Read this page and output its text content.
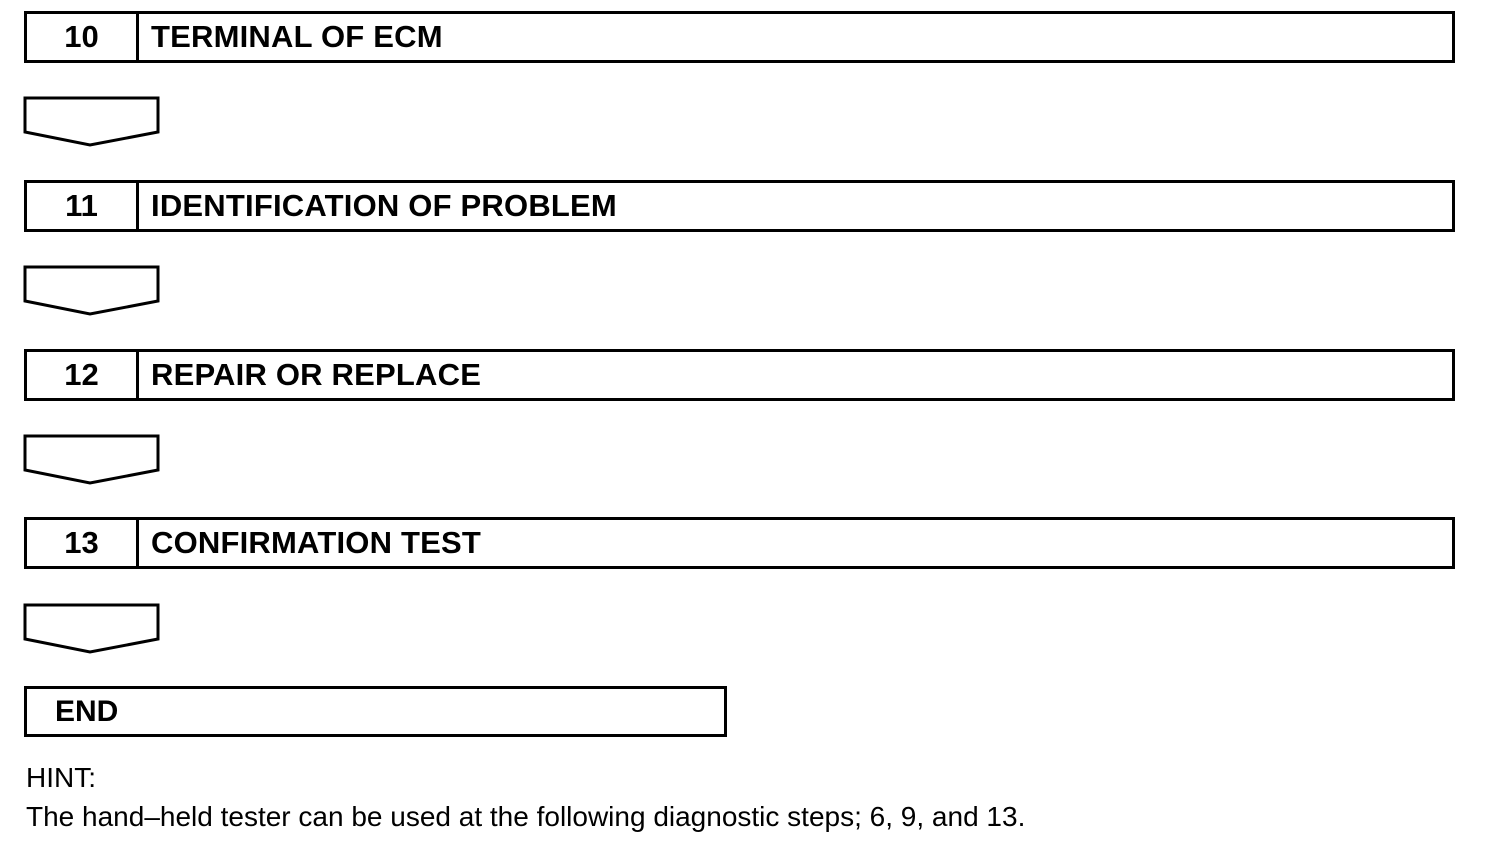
10	TERMINAL OF ECM
11	IDENTIFICATION OF PROBLEM
12	REPAIR OR REPLACE
13	CONFIRMATION TEST
END
HINT:
The hand–held tester can be used at the following diagnostic steps; 6, 9, and 13.
